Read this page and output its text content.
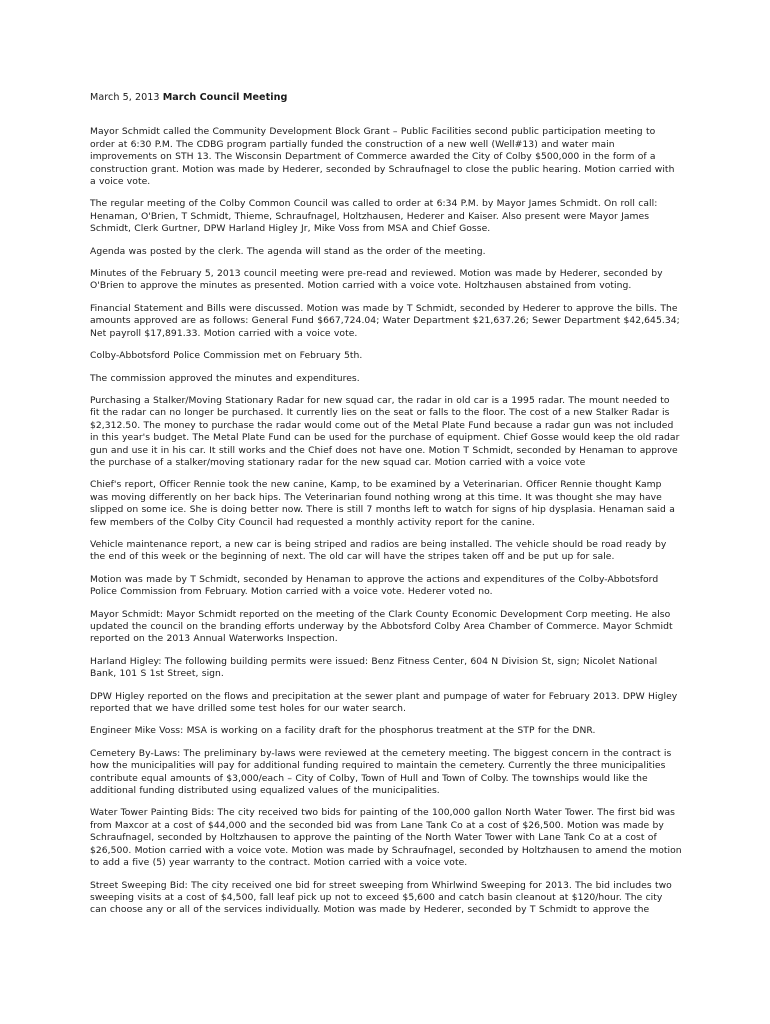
March 5, 2013 March Council Meeting

Mayor Schmidt called the Community Development Block Grant – Public Facilities second public participation meeting to order at 6:30 P.M. The CDBG program partially funded the construction of a new well (Well#13) and water main improvements on STH 13. The Wisconsin Department of Commerce awarded the City of Colby $500,000 in the form of a construction grant. Motion was made by Hederer, seconded by Schraufnagel to close the public hearing. Motion carried with a voice vote.

The regular meeting of the Colby Common Council was called to order at 6:34 P.M. by Mayor James Schmidt. On roll call: Henaman, O'Brien, T Schmidt, Thieme, Schraufnagel, Holtzhausen, Hederer and Kaiser. Also present were Mayor James Schmidt, Clerk Gurtner, DPW Harland Higley Jr, Mike Voss from MSA and Chief Gosse.

Agenda was posted by the clerk. The agenda will stand as the order of the meeting.

Minutes of the February 5, 2013 council meeting were pre-read and reviewed. Motion was made by Hederer, seconded by O'Brien to approve the minutes as presented. Motion carried with a voice vote. Holtzhausen abstained from voting.

Financial Statement and Bills were discussed. Motion was made by T Schmidt, seconded by Hederer to approve the bills. The amounts approved are as follows: General Fund $667,724.04; Water Department $21,637.26; Sewer Department $42,645.34; Net payroll $17,891.33. Motion carried with a voice vote.

Colby-Abbotsford Police Commission met on February 5th.

The commission approved the minutes and expenditures.

Purchasing a Stalker/Moving Stationary Radar for new squad car, the radar in old car is a 1995 radar. The mount needed to fit the radar can no longer be purchased. It currently lies on the seat or falls to the floor. The cost of a new Stalker Radar is $2,312.50. The money to purchase the radar would come out of the Metal Plate Fund because a radar gun was not included in this year's budget. The Metal Plate Fund can be used for the purchase of equipment. Chief Gosse would keep the old radar gun and use it in his car. It still works and the Chief does not have one. Motion T Schmidt, seconded by Henaman to approve the purchase of a stalker/moving stationary radar for the new squad car. Motion carried with a voice vote

Chief's report, Officer Rennie took the new canine, Kamp, to be examined by a Veterinarian. Officer Rennie thought Kamp was moving differently on her back hips. The Veterinarian found nothing wrong at this time. It was thought she may have slipped on some ice. She is doing better now. There is still 7 months left to watch for signs of hip dysplasia. Henaman said a few members of the Colby City Council had requested a monthly activity report for the canine.

Vehicle maintenance report, a new car is being striped and radios are being installed. The vehicle should be road ready by the end of this week or the beginning of next. The old car will have the stripes taken off and be put up for sale.

Motion was made by T Schmidt, seconded by Henaman to approve the actions and expenditures of the Colby-Abbotsford Police Commission from February. Motion carried with a voice vote. Hederer voted no.

Mayor Schmidt: Mayor Schmidt reported on the meeting of the Clark County Economic Development Corp meeting. He also updated the council on the branding efforts underway by the Abbotsford Colby Area Chamber of Commerce. Mayor Schmidt reported on the 2013 Annual Waterworks Inspection.

Harland Higley: The following building permits were issued: Benz Fitness Center, 604 N Division St, sign; Nicolet National Bank, 101 S 1st Street, sign.

DPW Higley reported on the flows and precipitation at the sewer plant and pumpage of water for February 2013. DPW Higley reported that we have drilled some test holes for our water search.

Engineer Mike Voss: MSA is working on a facility draft for the phosphorus treatment at the STP for the DNR.

Cemetery By-Laws: The preliminary by-laws were reviewed at the cemetery meeting. The biggest concern in the contract is how the municipalities will pay for additional funding required to maintain the cemetery. Currently the three municipalities contribute equal amounts of $3,000/each – City of Colby, Town of Hull and Town of Colby. The townships would like the additional funding distributed using equalized values of the municipalities.

Water Tower Painting Bids: The city received two bids for painting of the 100,000 gallon North Water Tower. The first bid was from Maxcor at a cost of $44,000 and the seconded bid was from Lane Tank Co at a cost of $26,500. Motion was made by Schraufnagel, seconded by Holtzhausen to approve the painting of the North Water Tower with Lane Tank Co at a cost of $26,500. Motion carried with a voice vote. Motion was made by Schraufnagel, seconded by Holtzhausen to amend the motion to add a five (5) year warranty to the contract. Motion carried with a voice vote.

Street Sweeping Bid: The city received one bid for street sweeping from Whirlwind Sweeping for 2013. The bid includes two sweeping visits at a cost of $4,500, fall leaf pick up not to exceed $5,600 and catch basin cleanout at $120/hour. The city can choose any or all of the services individually. Motion was made by Hederer, seconded by T Schmidt to approve the
